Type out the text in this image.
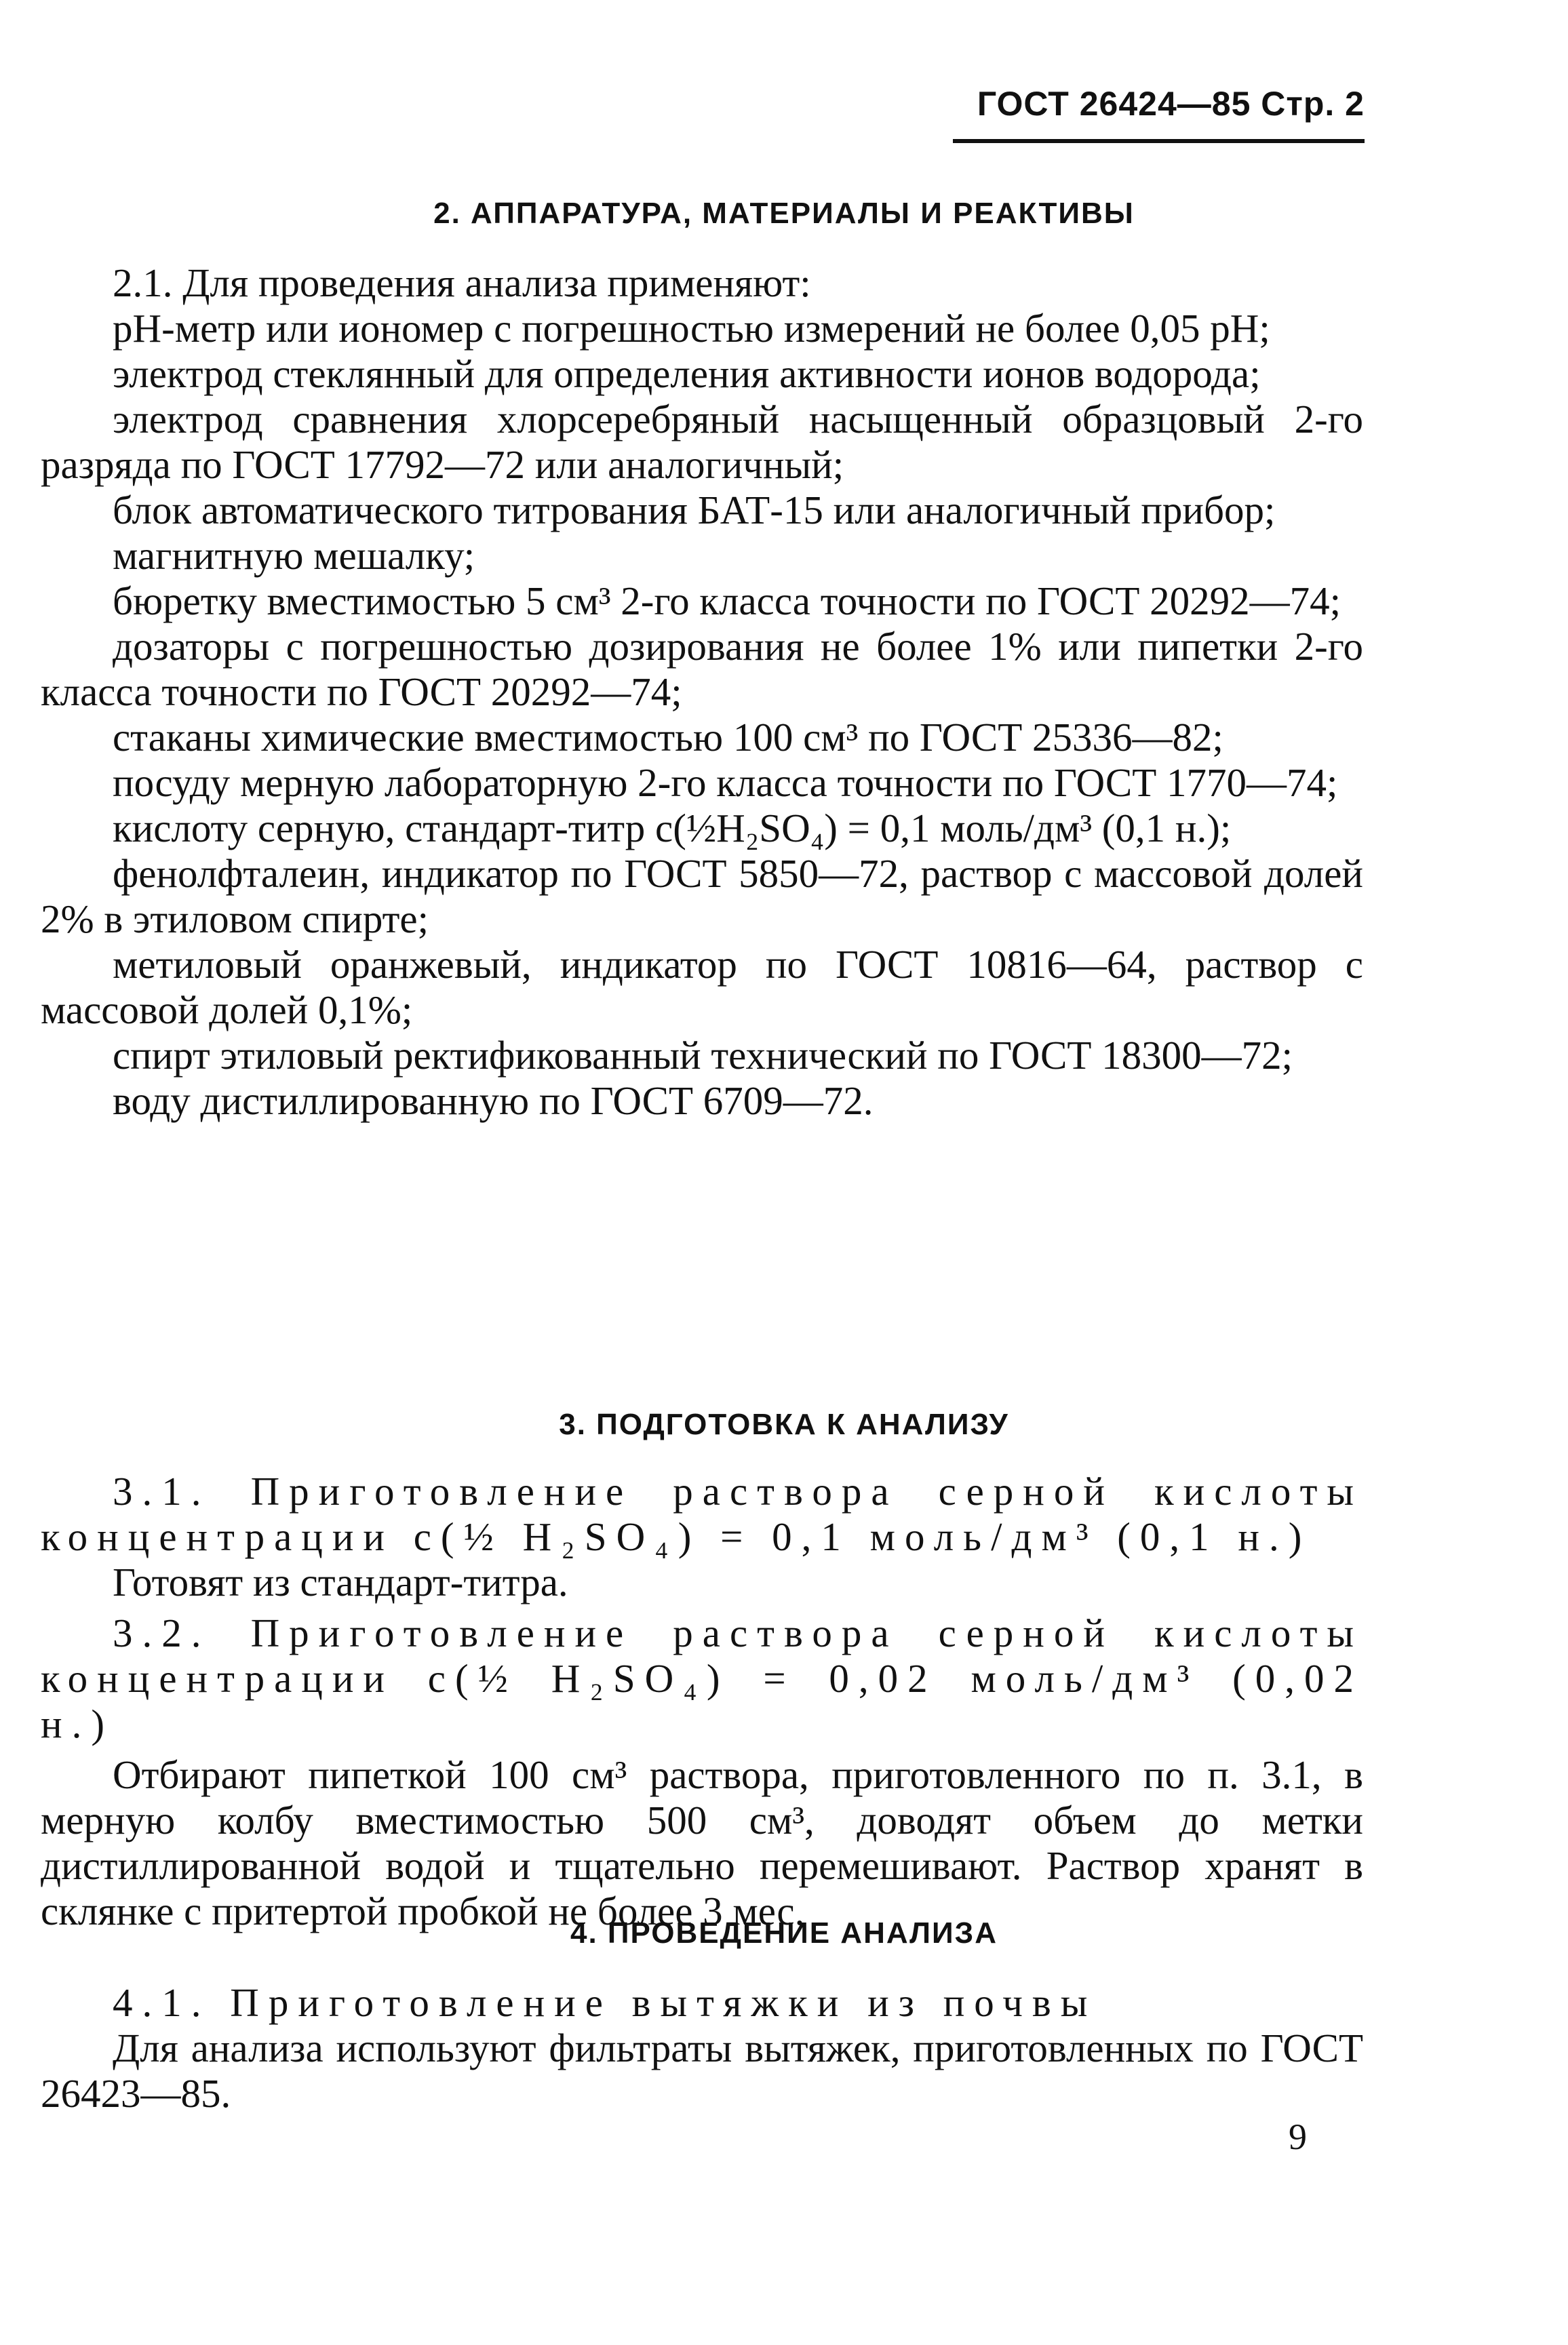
ГОСТ 26424—85 Стр. 2
2. АППАРАТУРА, МАТЕРИАЛЫ И РЕАКТИВЫ

2.1. Для проведения анализа применяют:

pH-метр или иономер с погрешностью измерений не более 0,05 pH;

электрод стеклянный для определения активности ионов водорода;

электрод сравнения хлорсеребряный насыщенный образцовый 2-го разряда по ГОСТ 17792—72 или аналогичный;

блок автоматического титрования БАТ-15 или аналогичный прибор;

магнитную мешалку;

бюретку вместимостью 5 см³ 2-го класса точности по ГОСТ 20292—74;

дозаторы с погрешностью дозирования не более 1% или пипетки 2-го класса точности по ГОСТ 20292—74;

стаканы химические вместимостью 100 см³ по ГОСТ 25336—82;

посуду мерную лабораторную 2-го класса точности по ГОСТ 1770—74;

кислоту серную, стандарт-титр с(½H₂SO₄) = 0,1 моль/дм³ (0,1 н.);

фенолфталеин, индикатор по ГОСТ 5850—72, раствор с массовой долей 2% в этиловом спирте;

метиловый оранжевый, индикатор по ГОСТ 10816—64, раствор с массовой долей 0,1%;

спирт этиловый ректификованный технический по ГОСТ 18300—72;

воду дистиллированную по ГОСТ 6709—72.

3. ПОДГОТОВКА К АНАЛИЗУ

3.1. Приготовление раствора серной кислоты концентрации с(½ H₂SO₄) = 0,1 моль/дм³ (0,1 н.)

Готовят из стандарт-титра.

3.2. Приготовление раствора серной кислоты концентрации с(½ H₂SO₄) = 0,02 моль/дм³ (0,02 н.)

Отбирают пипеткой 100 см³ раствора, приготовленного по п. 3.1, в мерную колбу вместимостью 500 см³, доводят объем до метки дистиллированной водой и тщательно перемешивают. Раствор хранят в склянке с притертой пробкой не более 3 мес.

4. ПРОВЕДЕНИЕ АНАЛИЗА

4.1. Приготовление вытяжки из почвы

Для анализа используют фильтраты вытяжек, приготовленных по ГОСТ 26423—85.

9
